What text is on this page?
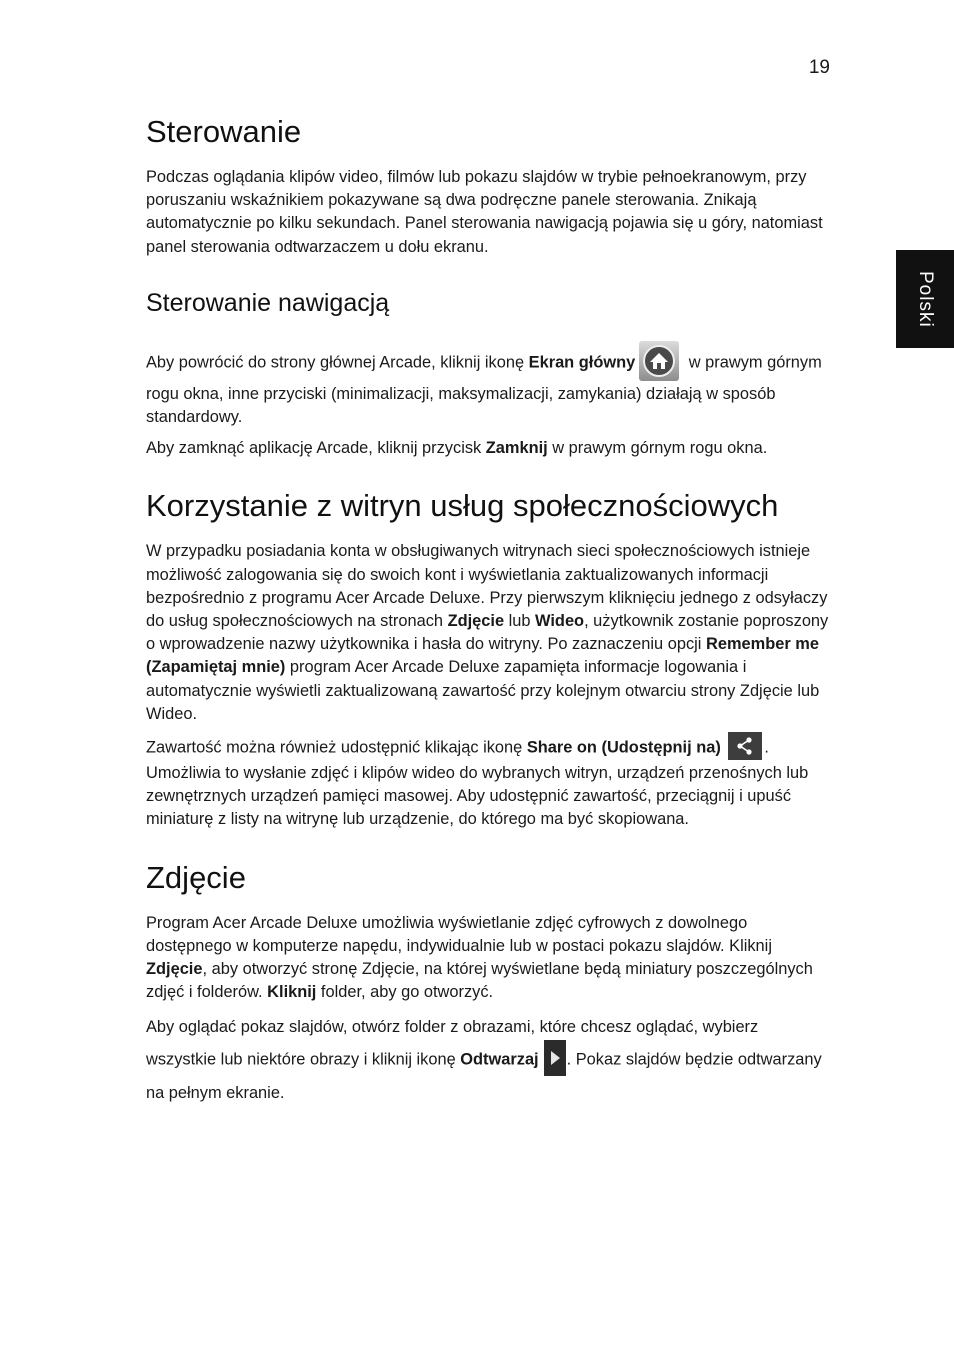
19
Polski
Sterowanie

Podczas oglądania klipów video, filmów lub pokazu slajdów w trybie pełnoekranowym, przy poruszaniu wskaźnikiem pokazywane są dwa podręczne panele sterowania. Znikają automatycznie po kilku sekundach. Panel sterowania nawigacją pojawia się u góry, natomiast panel sterowania odtwarzaczem u dołu ekranu.

Sterowanie nawigacją

Aby powrócić do strony głównej Arcade, kliknij ikonę Ekran główny	w prawym górnym rogu okna, inne przyciski (minimalizacji, maksymalizacji, zamykania) działają w sposób standardowy.

Aby zamknąć aplikację Arcade, kliknij przycisk Zamknij w prawym górnym rogu okna.

Korzystanie z witryn usług społecznościowych

W przypadku posiadania konta w obsługiwanych witrynach sieci społecznościowych istnieje możliwość zalogowania się do swoich kont i wyświetlania zaktualizowanych informacji bezpośrednio z programu Acer Arcade Deluxe. Przy pierwszym kliknięciu jednego z odsyłaczy do usług społecznościowych na stronach Zdjęcie lub Wideo, użytkownik zostanie poproszony o wprowadzenie nazwy użytkownika i hasła do witryny. Po zaznaczeniu opcji Remember me (Zapamiętaj mnie) program Acer Arcade Deluxe zapamięta informacje logowania i automatycznie wyświetli zaktualizowaną zawartość przy kolejnym otwarciu strony Zdjęcie lub Wideo.

Zawartość można również udostępnić klikając ikonę Share on (Udostępnij na)	. Umożliwia to wysłanie zdjęć i klipów wideo do wybranych witryn, urządzeń przenośnych lub zewnętrznych urządzeń pamięci masowej. Aby udostępnić zawartość, przeciągnij i upuść miniaturę z listy na witrynę lub urządzenie, do którego ma być skopiowana.

Zdjęcie

Program Acer Arcade Deluxe umożliwia wyświetlanie zdjęć cyfrowych z dowolnego dostępnego w komputerze napędu, indywidualnie lub w postaci pokazu slajdów. Kliknij Zdjęcie, aby otworzyć stronę Zdjęcie, na której wyświetlane będą miniatury poszczególnych zdjęć i folderów. Kliknij folder, aby go otworzyć.

Aby oglądać pokaz slajdów, otwórz folder z obrazami, które chcesz oglądać, wybierz wszystkie lub niektóre obrazy i kliknij ikonę Odtwarzaj . Pokaz slajdów będzie odtwarzany na pełnym ekranie.
